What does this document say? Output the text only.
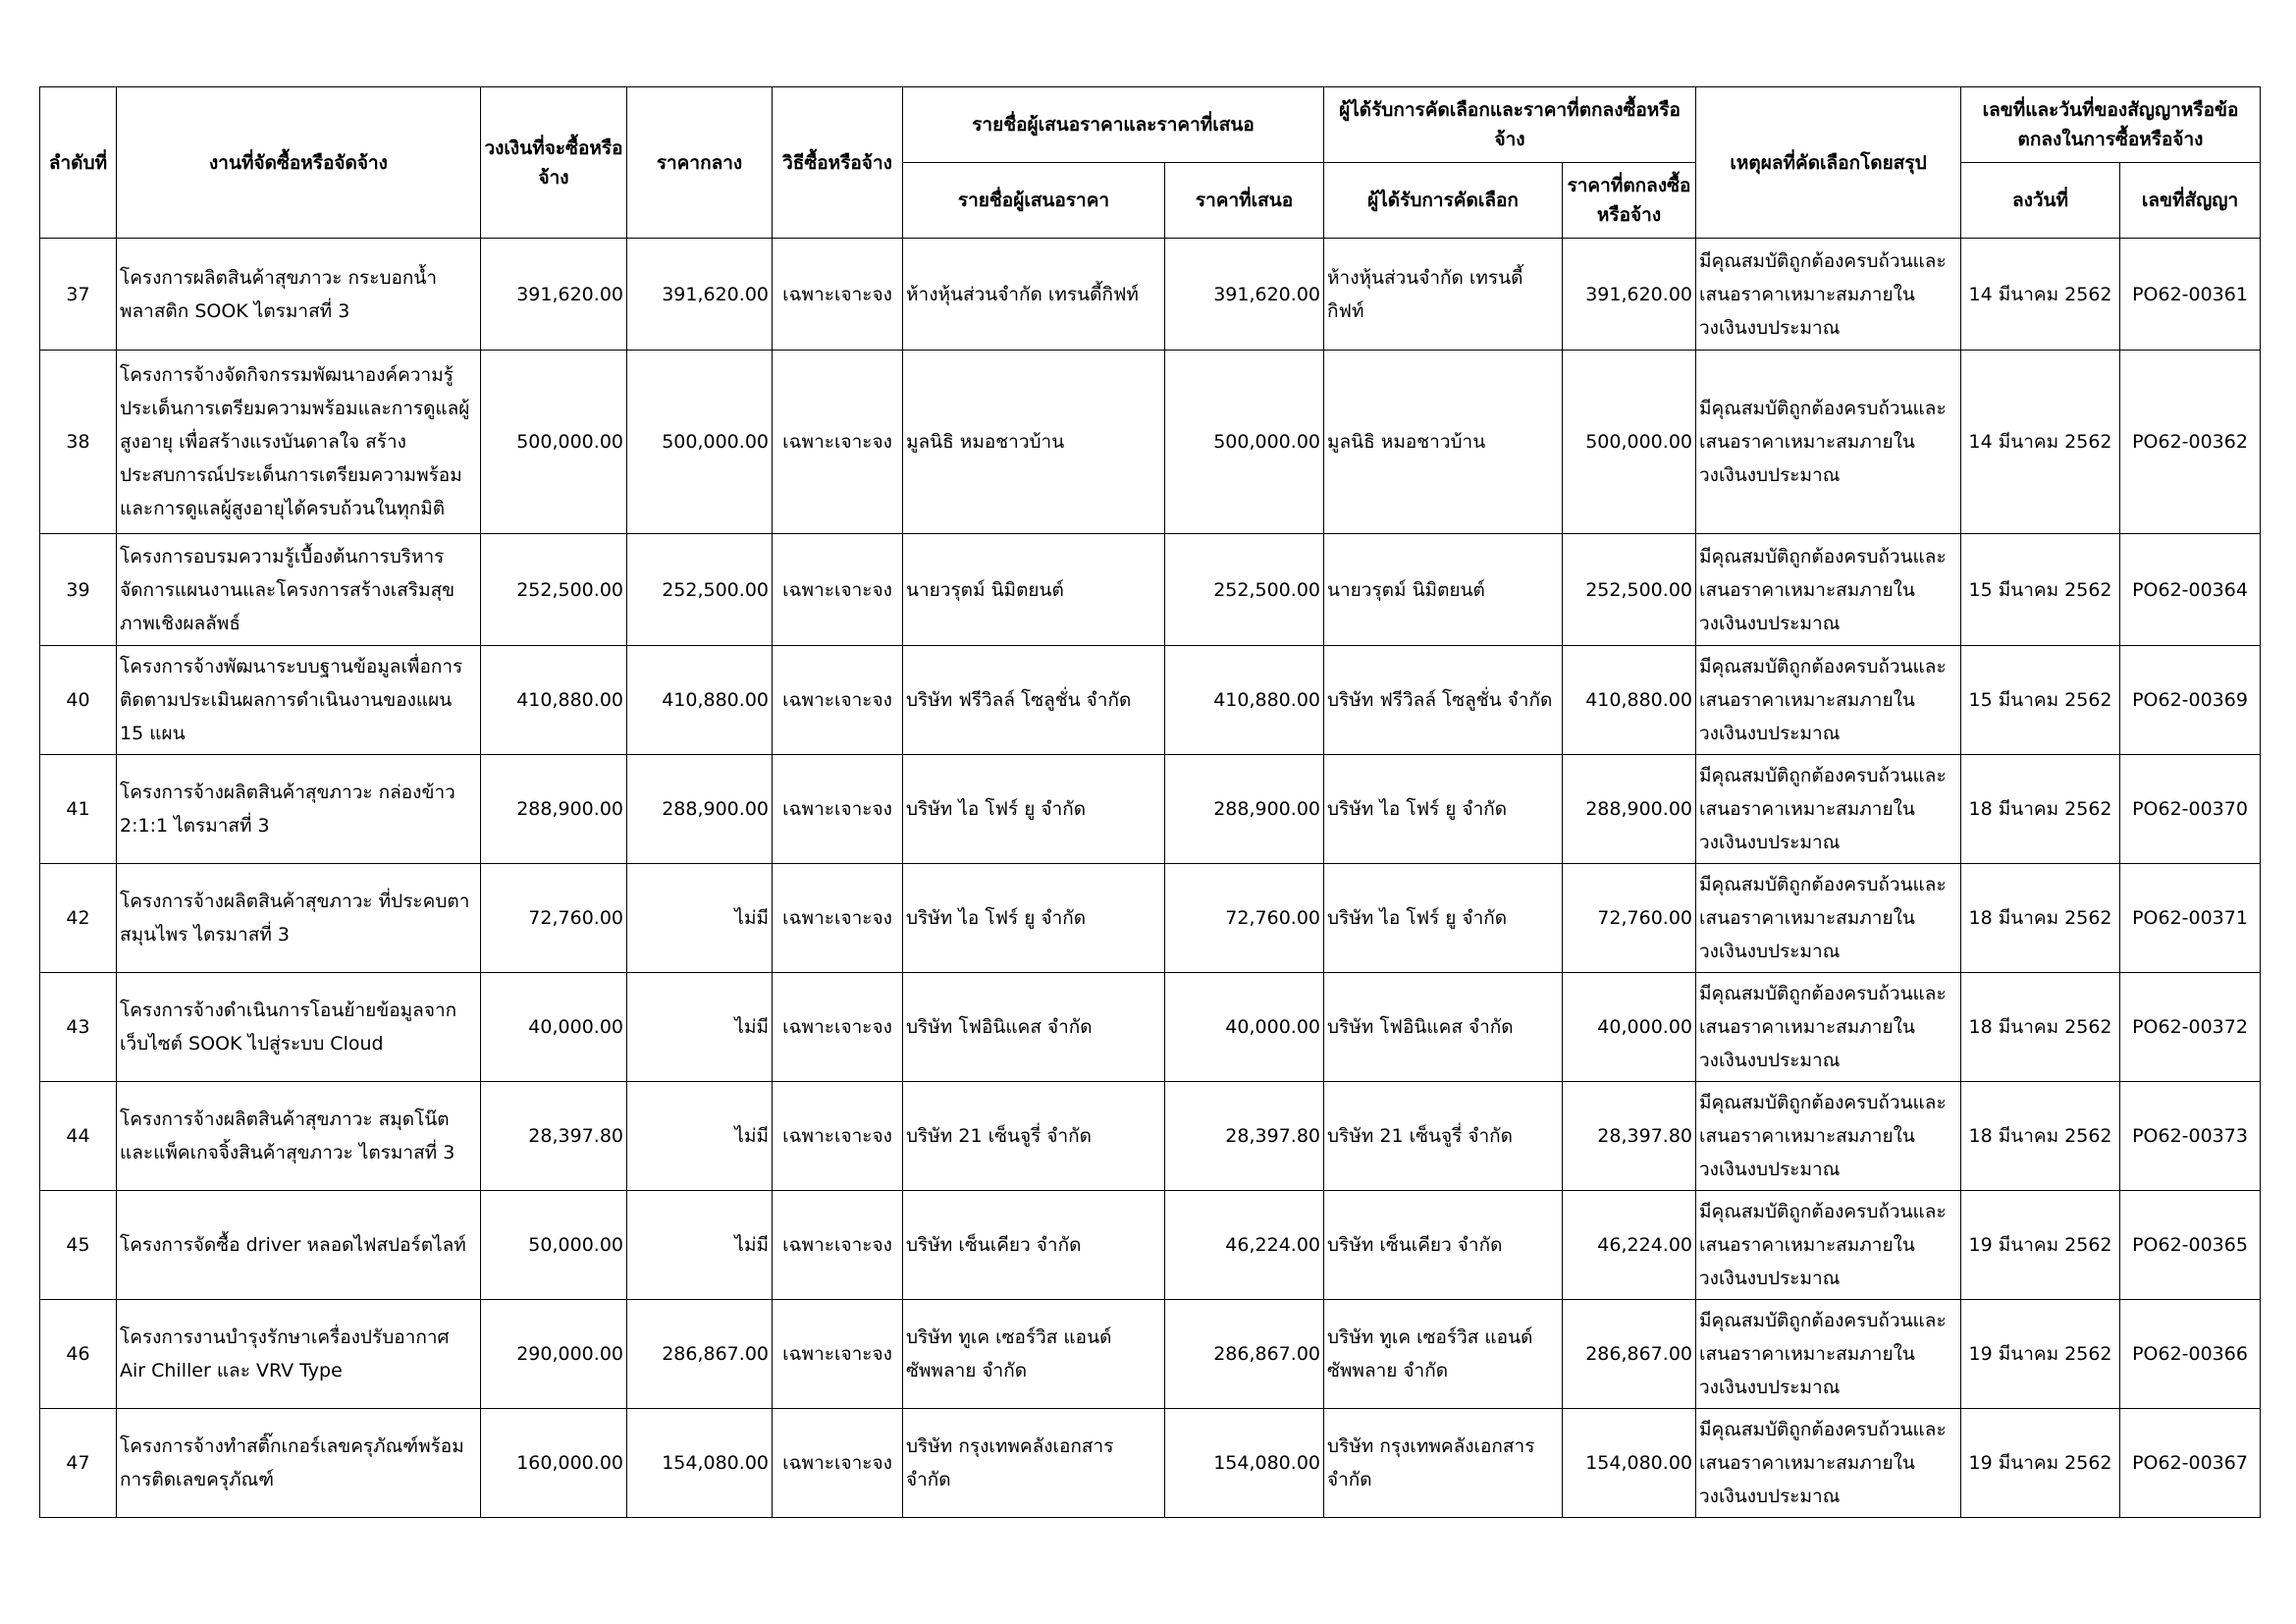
ลำดับที่	งานที่จัดซื้อหรือจัดจ้าง	วงเงินที่จะซื้อหรือจ้าง	ราคากลาง	วิธีซื้อหรือจ้าง	รายชื่อผู้เสนอราคาและราคาที่เสนอ		ผู้ได้รับการคัดเลือกและราคาที่ตกลงซื้อหรือจ้าง		เหตุผลที่คัดเลือกโดยสรุป	เลขที่และวันที่ของสัญญาหรือข้อตกลงในการซื้อหรือจ้าง	
					รายชื่อผู้เสนอราคา	ราคาที่เสนอ	ผู้ได้รับการคัดเลือก	ราคาที่ตกลงซื้อหรือจ้าง		ลงวันที่	เลขที่สัญญา
37	โครงการผลิตสินค้าสุขภาวะ กระบอกน้ำพลาสติก SOOK ไตรมาสที่ 3	391,620.00	391,620.00	เฉพาะเจาะจง	ห้างหุ้นส่วนจำกัด เทรนดี้กิฟท์	391,620.00	ห้างหุ้นส่วนจำกัด เทรนดี้กิฟท์	391,620.00	มีคุณสมบัติถูกต้องครบถ้วนและเสนอราคาเหมาะสมภายในวงเงินงบประมาณ	14 มีนาคม 2562	PO62-00361
38	โครงการจ้างจัดกิจกรรมพัฒนาองค์ความรู้ประเด็นการเตรียมความพร้อมและการดูแลผู้สูงอายุ เพื่อสร้างแรงบันดาลใจ สร้างประสบการณ์ประเด็นการเตรียมความพร้อมและการดูแลผู้สูงอายุได้ครบถ้วนในทุกมิติ	500,000.00	500,000.00	เฉพาะเจาะจง	มูลนิธิ หมอชาวบ้าน	500,000.00	มูลนิธิ หมอชาวบ้าน	500,000.00	มีคุณสมบัติถูกต้องครบถ้วนและเสนอราคาเหมาะสมภายในวงเงินงบประมาณ	14 มีนาคม 2562	PO62-00362
39	โครงการอบรมความรู้เบื้องต้นการบริหารจัดการแผนงานและโครงการสร้างเสริมสุขภาพเชิงผลลัพธ์	252,500.00	252,500.00	เฉพาะเจาะจง	นายวรุตม์ นิมิตยนต์	252,500.00	นายวรุตม์ นิมิตยนต์	252,500.00	มีคุณสมบัติถูกต้องครบถ้วนและเสนอราคาเหมาะสมภายในวงเงินงบประมาณ	15 มีนาคม 2562	PO62-00364
40	โครงการจ้างพัฒนาระบบฐานข้อมูลเพื่อการติดตามประเมินผลการดำเนินงานของแผน 15 แผน	410,880.00	410,880.00	เฉพาะเจาะจง	บริษัท ฟรีวิลล์ โซลูชั่น จำกัด	410,880.00	บริษัท ฟรีวิลล์ โซลูชั่น จำกัด	410,880.00	มีคุณสมบัติถูกต้องครบถ้วนและเสนอราคาเหมาะสมภายในวงเงินงบประมาณ	15 มีนาคม 2562	PO62-00369
41	โครงการจ้างผลิตสินค้าสุขภาวะ กล่องข้าว 2:1:1 ไตรมาสที่ 3	288,900.00	288,900.00	เฉพาะเจาะจง	บริษัท ไอ โฟร์ ยู จำกัด	288,900.00	บริษัท ไอ โฟร์ ยู จำกัด	288,900.00	มีคุณสมบัติถูกต้องครบถ้วนและเสนอราคาเหมาะสมภายในวงเงินงบประมาณ	18 มีนาคม 2562	PO62-00370
42	โครงการจ้างผลิตสินค้าสุขภาวะ ที่ประคบตาสมุนไพร ไตรมาสที่ 3	72,760.00	ไม่มี	เฉพาะเจาะจง	บริษัท ไอ โฟร์ ยู จำกัด	72,760.00	บริษัท ไอ โฟร์ ยู จำกัด	72,760.00	มีคุณสมบัติถูกต้องครบถ้วนและเสนอราคาเหมาะสมภายในวงเงินงบประมาณ	18 มีนาคม 2562	PO62-00371
43	โครงการจ้างดำเนินการโอนย้ายข้อมูลจากเว็บไซต์ SOOK ไปสู่ระบบ Cloud	40,000.00	ไม่มี	เฉพาะเจาะจง	บริษัท โฟอินิแคส จำกัด	40,000.00	บริษัท โฟอินิแคส จำกัด	40,000.00	มีคุณสมบัติถูกต้องครบถ้วนและเสนอราคาเหมาะสมภายในวงเงินงบประมาณ	18 มีนาคม 2562	PO62-00372
44	โครงการจ้างผลิตสินค้าสุขภาวะ สมุดโน๊ตและแพ็คเกจจิ้งสินค้าสุขภาวะ ไตรมาสที่ 3	28,397.80	ไม่มี	เฉพาะเจาะจง	บริษัท 21 เซ็นจูรี่ จำกัด	28,397.80	บริษัท 21 เซ็นจูรี่ จำกัด	28,397.80	มีคุณสมบัติถูกต้องครบถ้วนและเสนอราคาเหมาะสมภายในวงเงินงบประมาณ	18 มีนาคม 2562	PO62-00373
45	โครงการจัดซื้อ driver หลอดไฟสปอร์ตไลท์	50,000.00	ไม่มี	เฉพาะเจาะจง	บริษัท เซ็นเคียว จำกัด	46,224.00	บริษัท เซ็นเคียว จำกัด	46,224.00	มีคุณสมบัติถูกต้องครบถ้วนและเสนอราคาเหมาะสมภายในวงเงินงบประมาณ	19 มีนาคม 2562	PO62-00365
46	โครงการงานบำรุงรักษาเครื่องปรับอากาศ Air Chiller และ VRV Type	290,000.00	286,867.00	เฉพาะเจาะจง	บริษัท ทูเค เซอร์วิส แอนด์ ซัพพลาย จำกัด	286,867.00	บริษัท ทูเค เซอร์วิส แอนด์ ซัพพลาย จำกัด	286,867.00	มีคุณสมบัติถูกต้องครบถ้วนและเสนอราคาเหมาะสมภายในวงเงินงบประมาณ	19 มีนาคม 2562	PO62-00366
47	โครงการจ้างทำสติ๊กเกอร์เลขครุภัณฑ์พร้อมการติดเลขครุภัณฑ์	160,000.00	154,080.00	เฉพาะเจาะจง	บริษัท กรุงเทพคลังเอกสาร จำกัด	154,080.00	บริษัท กรุงเทพคลังเอกสาร จำกัด	154,080.00	มีคุณสมบัติถูกต้องครบถ้วนและเสนอราคาเหมาะสมภายในวงเงินงบประมาณ	19 มีนาคม 2562	PO62-00367
